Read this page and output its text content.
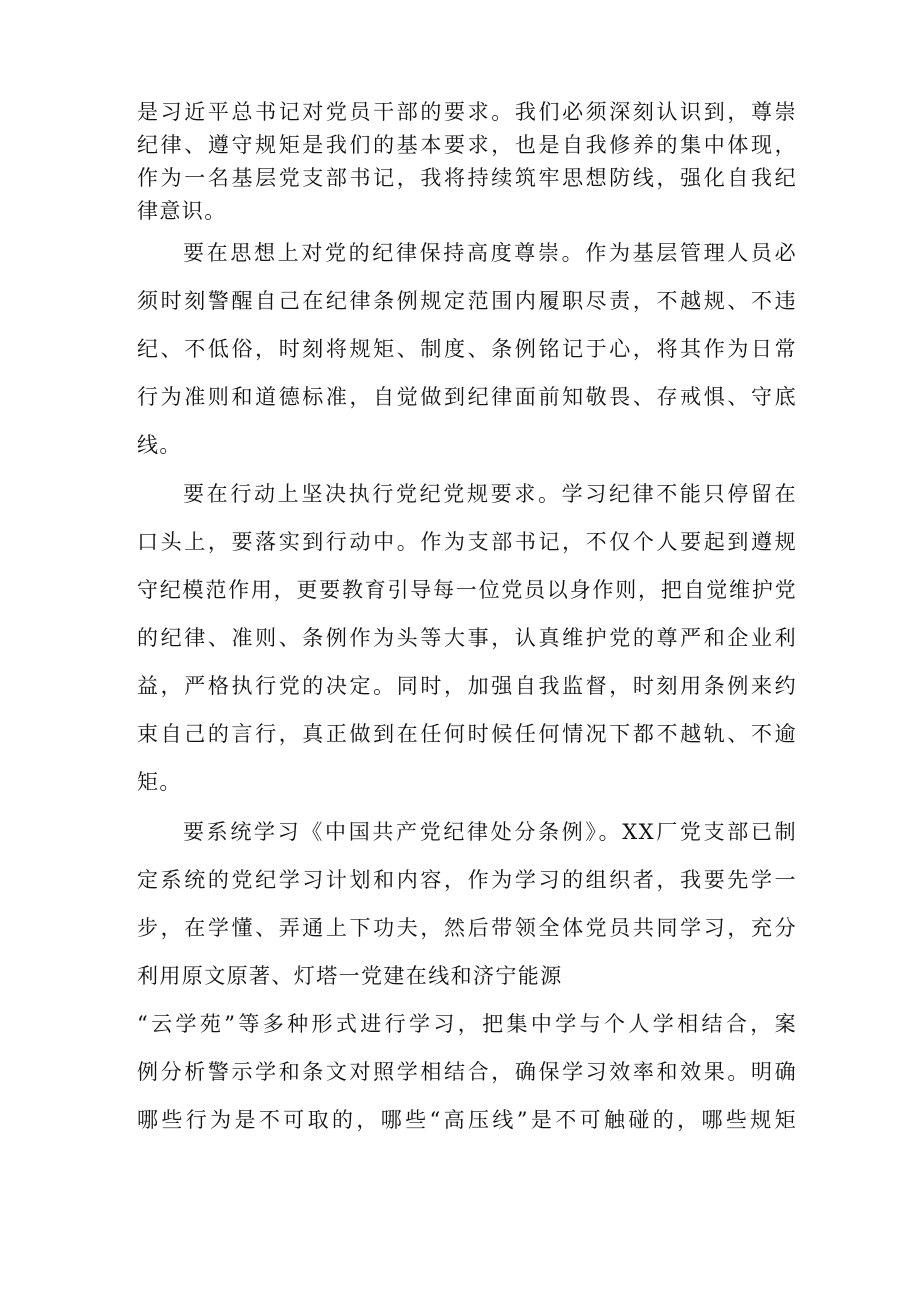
是习近平总书记对党员干部的要求。我们必须深刻认识到，尊崇
纪律、遵守规矩是我们的基本要求，也是自我修养的集中体现，
作为一名基层党支部书记，我将持续筑牢思想防线，强化自我纪
律意识。
要在思想上对党的纪律保持高度尊崇。作为基层管理人员必
须时刻警醒自己在纪律条例规定范围内履职尽责，不越规、不违
纪、不低俗，时刻将规矩、制度、条例铭记于心，将其作为日常
行为准则和道德标准，自觉做到纪律面前知敬畏、存戒惧、守底
线。
要在行动上坚决执行党纪党规要求。学习纪律不能只停留在
口头上，要落实到行动中。作为支部书记，不仅个人要起到遵规
守纪模范作用，更要教育引导每一位党员以身作则，把自觉维护党
的纪律、准则、条例作为头等大事，认真维护党的尊严和企业利
益，严格执行党的决定。同时，加强自我监督，时刻用条例来约
束自己的言行，真正做到在任何时候任何情况下都不越轨、不逾
矩。
要系统学习《中国共产党纪律处分条例》。XX厂党支部已制
定系统的党纪学习计划和内容，作为学习的组织者，我要先学一
步，在学懂、弄通上下功夫，然后带领全体党员共同学习，充分
利用原文原著、灯塔一党建在线和济宁能源
“云学苑”等多种形式进行学习，把集中学与个人学相结合，案
例分析警示学和条文对照学相结合，确保学习效率和效果。明确
哪些行为是不可取的，哪些“高压线”是不可触碰的，哪些规矩
